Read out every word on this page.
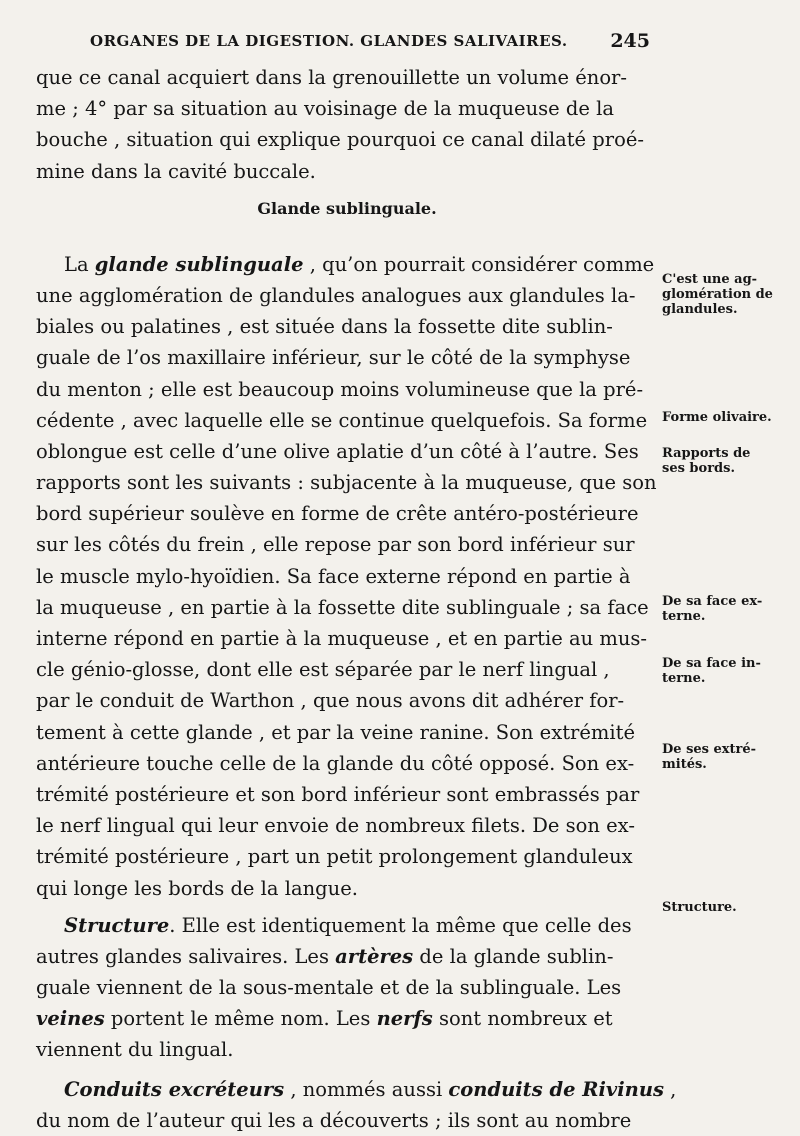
ORGANES DE LA DIGESTION. GLANDES SALIVAIRES. 245
que ce canal acquiert dans la grenouillette un volume énor-
me ; 4° par sa situation au voisinage de la muqueuse de la
bouche , situation qui explique pourquoi ce canal dilaté proé-
mine dans la cavité buccale.
Glande sublinguale.
La glande sublinguale , qu’on pourrait considérer comme
une agglomération de glandules analogues aux glandules la-
biales ou palatines , est située dans la fossette dite sublin-
guale de l’os maxillaire inférieur, sur le côté de la symphyse
du menton ; elle est beaucoup moins volumineuse que la pré-
cédente , avec laquelle elle se continue quelquefois. Sa forme
oblongue est celle d’une olive aplatie d’un côté à l’autre. Ses
rapports sont les suivants : subjacente à la muqueuse, que son
bord supérieur soulève en forme de crête antéro-postérieure
sur les côtés du frein , elle repose par son bord inférieur sur
le muscle mylo-hyoïdien. Sa face externe répond en partie à
la muqueuse , en partie à la fossette dite sublinguale ; sa face
interne répond en partie à la muqueuse , et en partie au mus-
cle génio-glosse, dont elle est séparée par le nerf lingual ,
par le conduit de Warthon , que nous avons dit adhérer for-
tement à cette glande , et par la veine ranine. Son extrémité
antérieure touche celle de la glande du côté opposé. Son ex-
trémité postérieure et son bord inférieur sont embrassés par
le nerf lingual qui leur envoie de nombreux filets. De son ex-
trémité postérieure , part un petit prolongement glanduleux
qui longe les bords de la langue.
Structure . Elle est identiquement la même que celle des
autres glandes salivaires. Les artères de la glande sublin-
guale viennent de la sous-mentale et de la sublinguale. Les
veines portent le même nom. Les nerfs sont nombreux et
viennent du lingual.
Conduits excréteurs , nommés aussi conduits de Rivinus ,
du nom de l’auteur qui les a découverts ; ils sont au nombre
C'est une ag-
glomération de
glandules.
Forme olivaire.
Rapports de
ses bords.
De sa face ex-
terne.
De sa face in-
terne.
De ses extré-
mités.
Structure.
